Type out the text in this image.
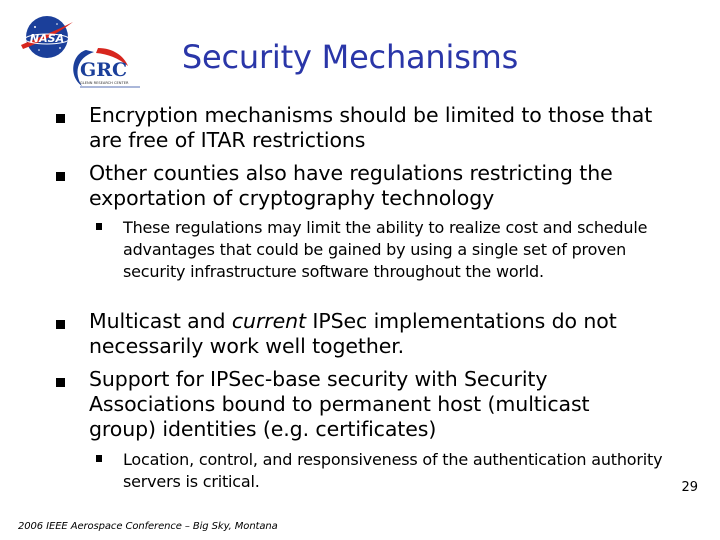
NASA
GRC
GLENN RESEARCH CENTER
Security Mechanisms
Encryption mechanisms should be limited to those that are free of ITAR restrictions
Other counties also have regulations restricting the exportation of cryptography technology
These regulations may limit the ability to realize cost and schedule advantages that could be gained by using a single set of proven security infrastructure software throughout the world.
Multicast and current IPSec implementations do not necessarily work well together.
Support for IPSec-base security with Security Associations bound to permanent host (multicast group) identities (e.g. certificates)
Location, control, and responsiveness of the authentication authority servers is critical.	29
2006 IEEE Aerospace Conference – Big Sky, Montana
